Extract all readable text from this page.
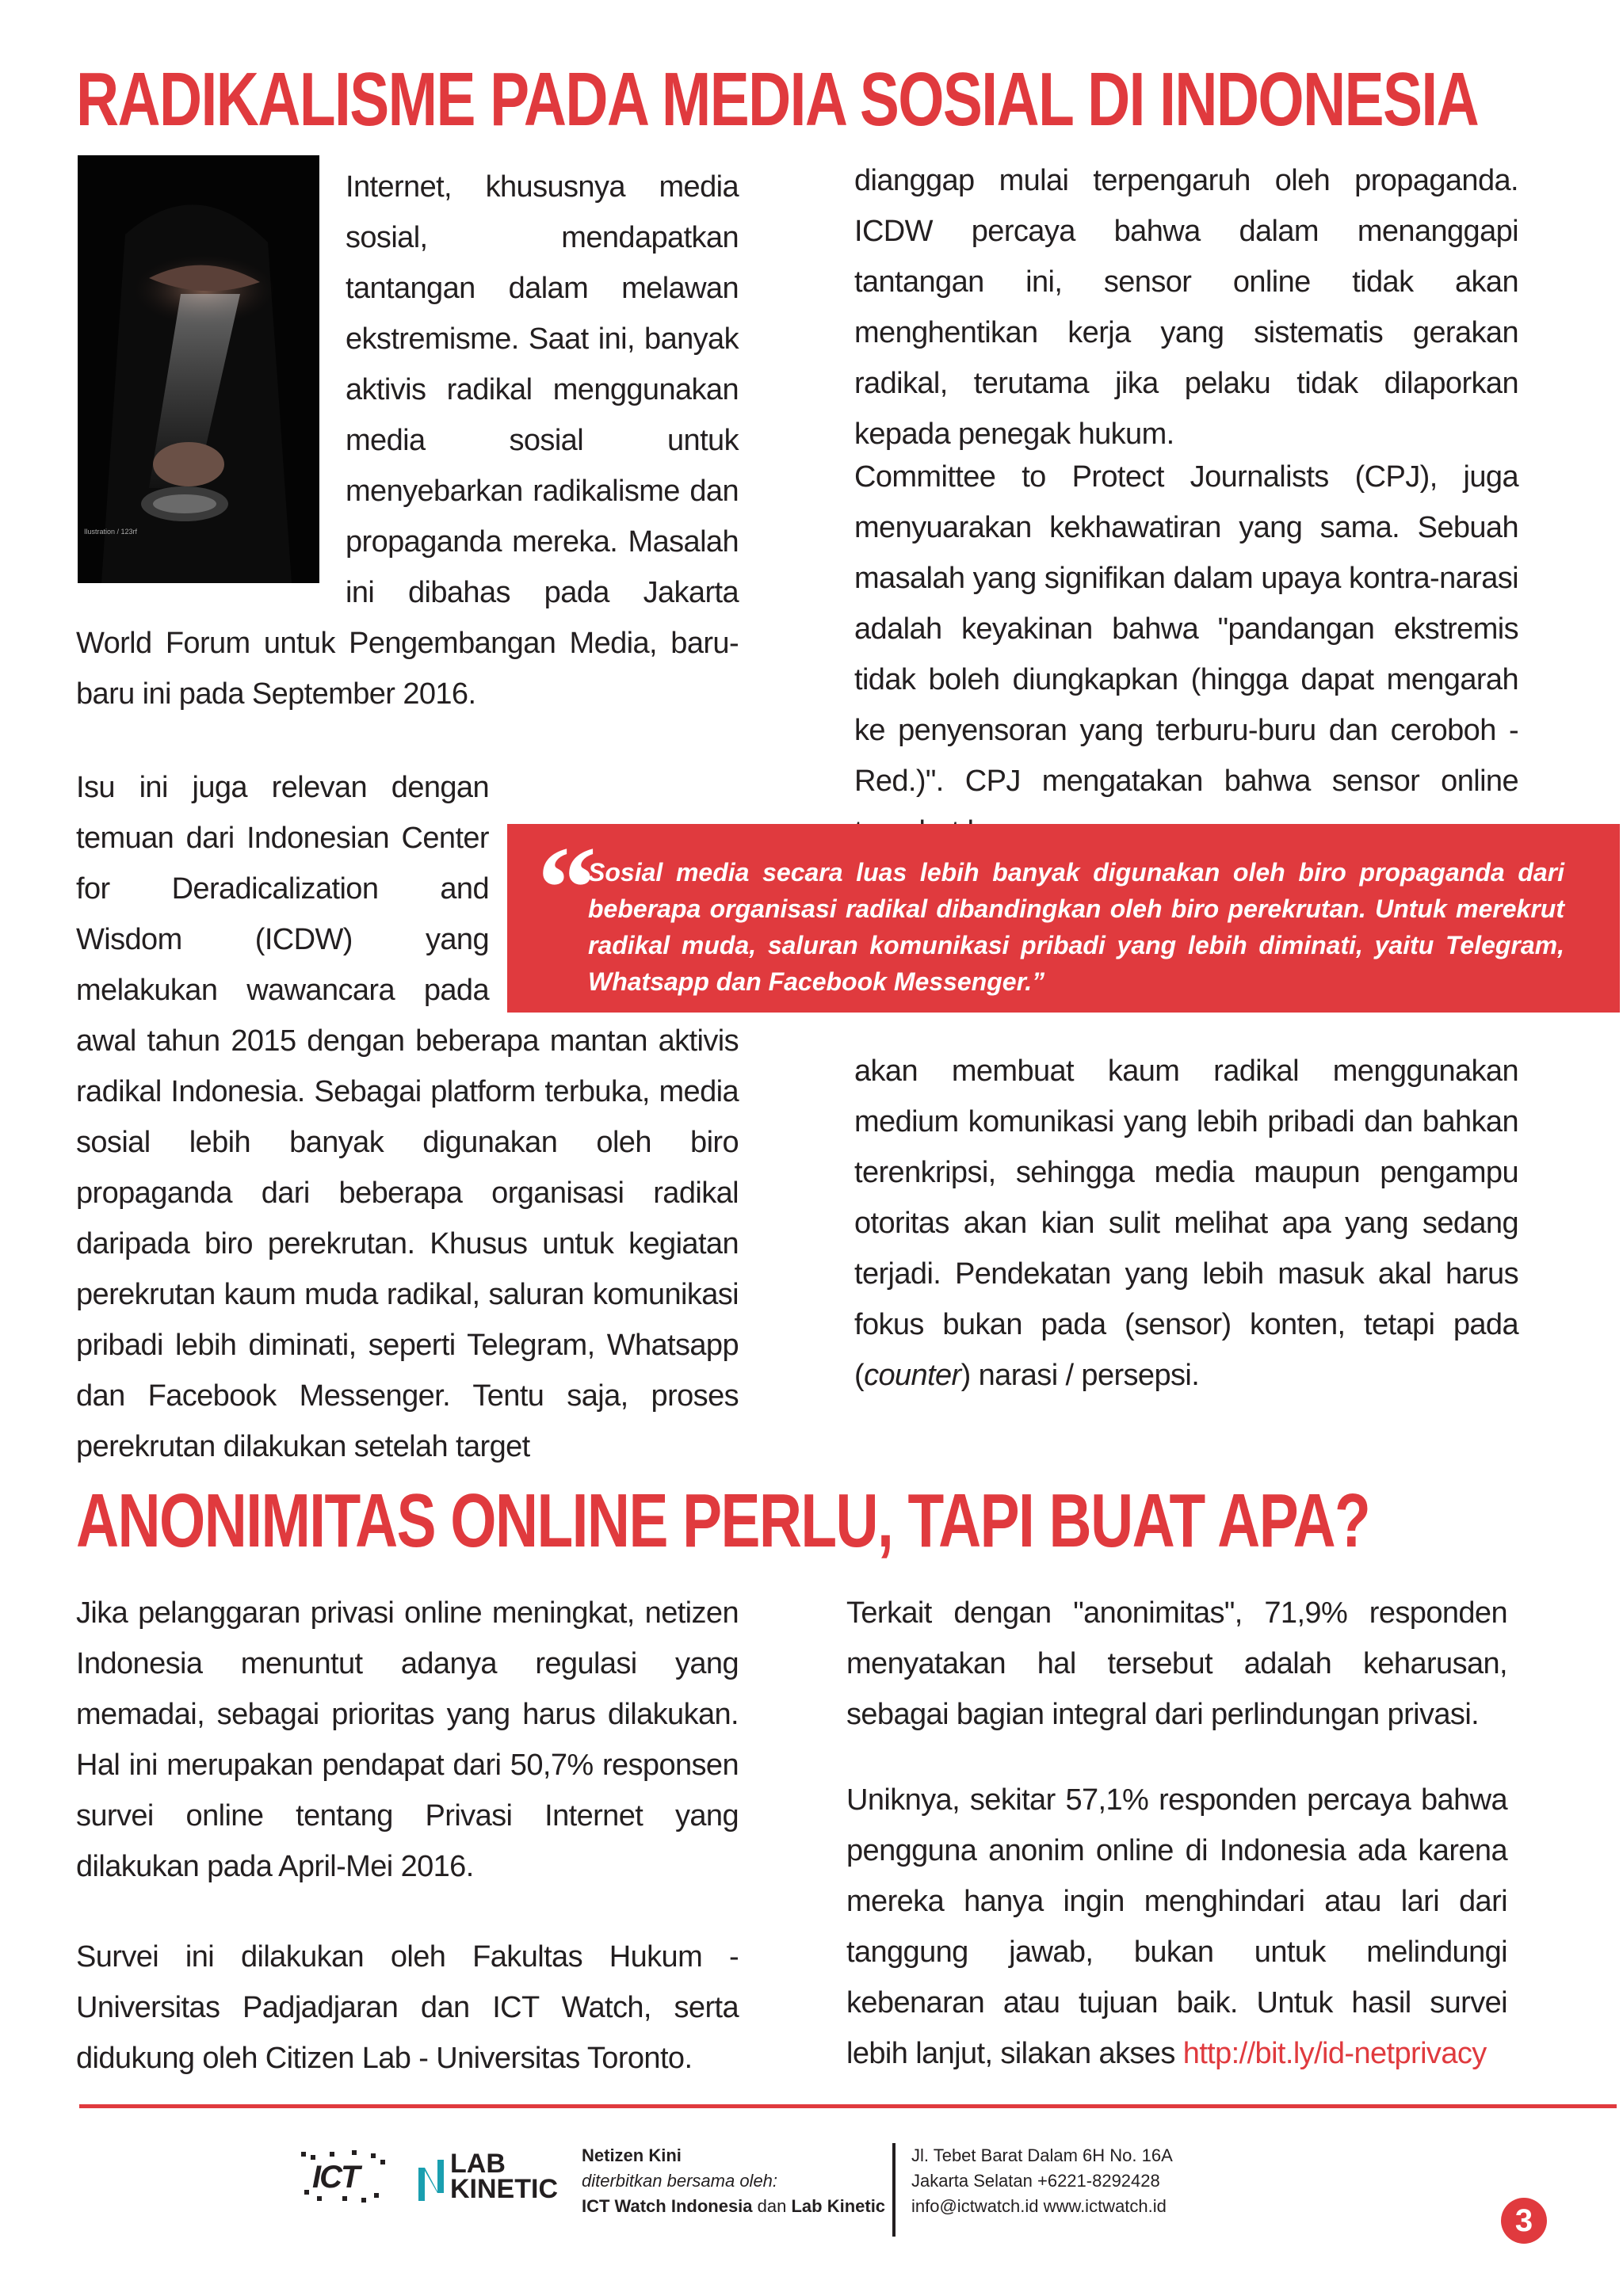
RADIKALISME PADA MEDIA SOSIAL DI INDONESIA
Ilustration / 123rf

Internet, khususnya media sosial, mendapatkan tantangan dalam melawan ekstremisme. Saat ini, banyak aktivis radikal menggunakan media sosial untuk menyebarkan radikalisme dan propaganda mereka. Masalah ini dibahas pada Jakarta World Forum untuk Pengembangan Media, baru-baru ini pada September 2016.

Isu ini juga relevan dengan temuan dari Indonesian Center for Deradicalization and Wisdom (ICDW) yang melakukan wawancara pada awal tahun 2015 dengan beberapa mantan aktivis radikal Indonesia. Sebagai platform terbuka, media sosial lebih banyak digunakan oleh biro propaganda dari beberapa organisasi radikal daripada biro perekrutan. Khusus untuk kegiatan perekrutan kaum muda radikal, saluran komunikasi pribadi lebih diminati, seperti Telegram, Whatsapp dan Facebook Messenger. Tentu saja, proses perekrutan dilakukan setelah target

dianggap mulai terpengaruh oleh propaganda. ICDW percaya bahwa dalam menanggapi tantangan ini, sensor online tidak akan menghentikan kerja yang sistematis gerakan radikal, terutama jika pelaku tidak dilaporkan kepada penegak hukum.

Committee to Protect Journalists (CPJ), juga menyuarakan kekhawatiran yang sama. Sebuah masalah yang signifikan dalam upaya kontra-narasi adalah keyakinan bahwa "pandangan ekstremis tidak boleh diungkapkan (hingga dapat mengarah ke penyensoran yang terburu-buru dan ceroboh - Red.)". CPJ mengatakan bahwa sensor online

“

Sosial media secara luas lebih banyak digunakan oleh biro propaganda dari beberapa organisasi radikal dibandingkan oleh biro perekrutan. Untuk merekrut radikal muda, saluran komunikasi pribadi yang lebih diminati, yaitu Telegram, Whatsapp dan Facebook Messenger.”

akan membuat kaum radikal menggunakan medium komunikasi yang lebih pribadi dan bahkan terenkripsi, sehingga media maupun pengampu otoritas akan kian sulit melihat apa yang sedang terjadi. Pendekatan yang lebih masuk akal harus fokus bukan pada (sensor) konten, tetapi pada (counter) narasi / persepsi.

ANONIMITAS ONLINE PERLU, TAPI BUAT APA?

Jika pelanggaran privasi online meningkat, netizen Indonesia menuntut adanya regulasi yang memadai, sebagai prioritas yang harus dilakukan. Hal ini merupakan pendapat dari 50,7% responsen survei online tentang Privasi Internet yang dilakukan pada April-Mei 2016.

Survei ini dilakukan oleh Fakultas Hukum - Universitas Padjadjaran dan ICT Watch, serta didukung oleh Citizen Lab - Universitas Toronto.

Terkait dengan "anonimitas", 71,9% responden menyatakan hal tersebut adalah keharusan, sebagai bagian integral dari perlindungan privasi.

Uniknya, sekitar 57,1% responden percaya bahwa pengguna anonim online di Indonesia ada karena mereka hanya ingin menghindari atau lari dari tanggung jawab, bukan untuk melindungi kebenaran atau tujuan baik. Untuk hasil survei lebih lanjut, silakan akses http://bit.ly/id-netprivacy

ICT	LAB
KINETIC
Netizen Kini
diterbitkan bersama oleh:
ICT Watch Indonesia dan Lab Kinetic
Jl. Tebet Barat Dalam 6H No. 16A
Jakarta Selatan +6221-8292428
info@ictwatch.id www.ictwatch.id	3
